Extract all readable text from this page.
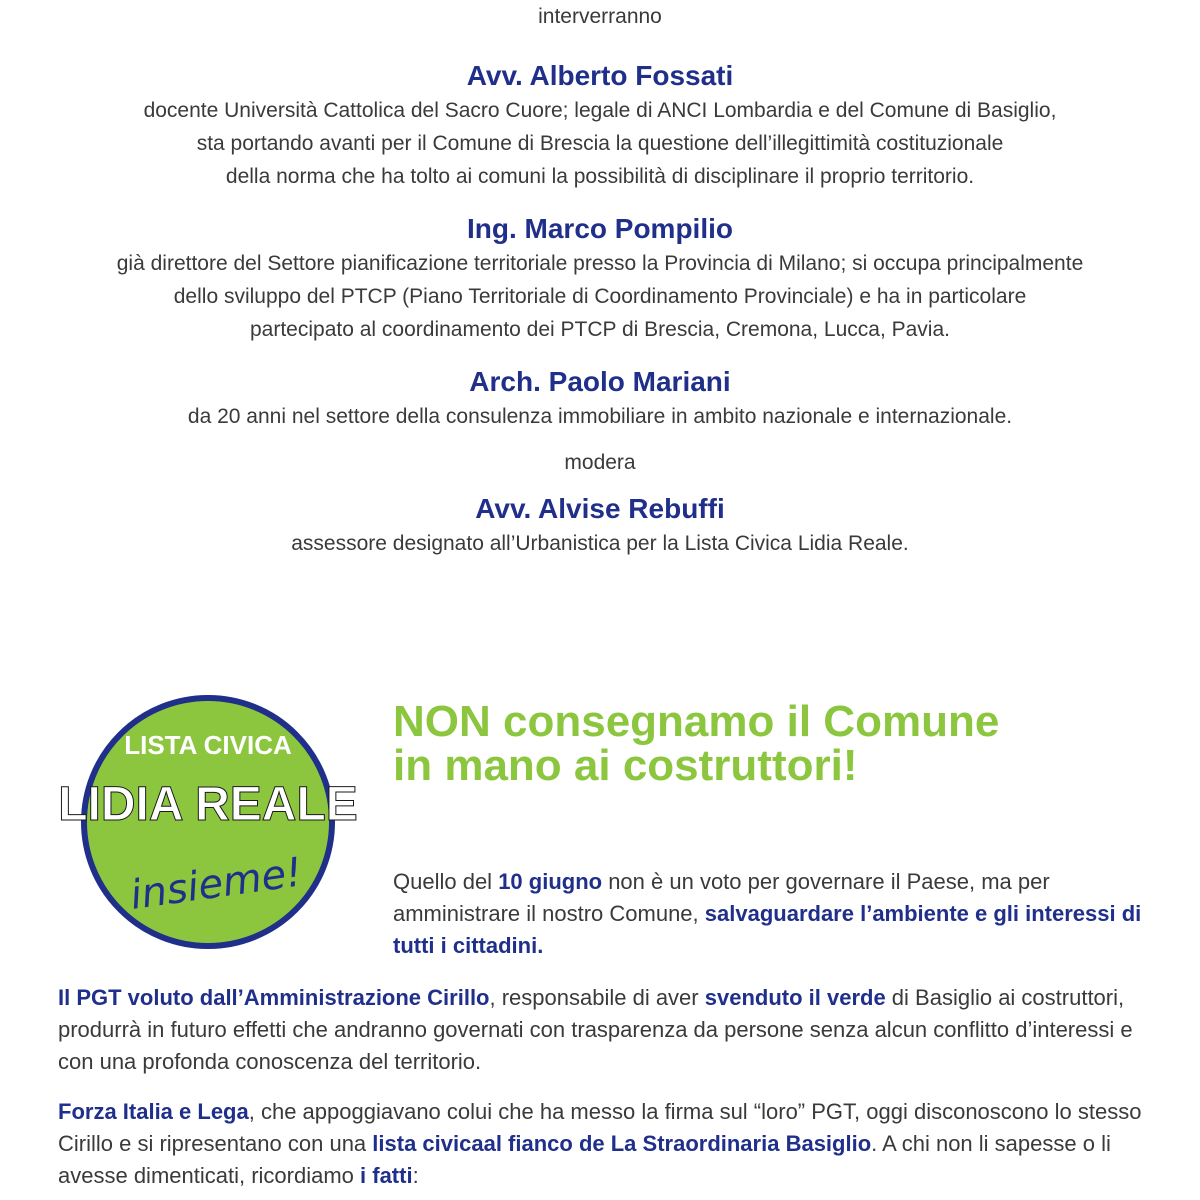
interverranno
Avv. Alberto Fossati
docente Università Cattolica del Sacro Cuore; legale di ANCI Lombardia e del Comune di Basiglio,
sta portando avanti per il Comune di Brescia la questione dell’illegittimità costituzionale
della norma che ha tolto ai comuni la possibilità di disciplinare il proprio territorio.
Ing. Marco Pompilio
già direttore del Settore pianificazione territoriale presso la Provincia di Milano; si occupa principalmente
dello sviluppo del PTCP (Piano Territoriale di Coordinamento Provinciale) e ha in particolare
partecipato al coordinamento dei PTCP di Brescia, Cremona, Lucca, Pavia.
Arch. Paolo Mariani
da 20 anni nel settore della consulenza immobiliare in ambito nazionale e internazionale.
modera
Avv. Alvise Rebuffi
assessore designato all’Urbanistica per la Lista Civica Lidia Reale.
LISTA CIVICA
LIDIA REALE
insieme!
NON consegnamo il Comune
in mano ai costruttori!
Quello del 10 giugno non è un voto per governare il Paese, ma per amministrare il nostro Comune, salvaguardare l’ambiente e gli interessi di tutti i cittadini.
Il PGT voluto dall’Amministrazione Cirillo, responsabile di aver svenduto il verde di Basiglio ai costruttori, produrrà in futuro effetti che andranno governati con trasparenza da persone senza alcun conflitto d’interessi e con una profonda conoscenza del territorio.
Forza Italia e Lega, che appoggiavano colui che ha messo la firma sul “loro” PGT, oggi disconoscono lo stesso Cirillo e si ripresentano con una lista civicaal fianco de La Straordinaria Basiglio. A chi non li sapesse o li avesse dimenticati, ricordiamo i fatti:
